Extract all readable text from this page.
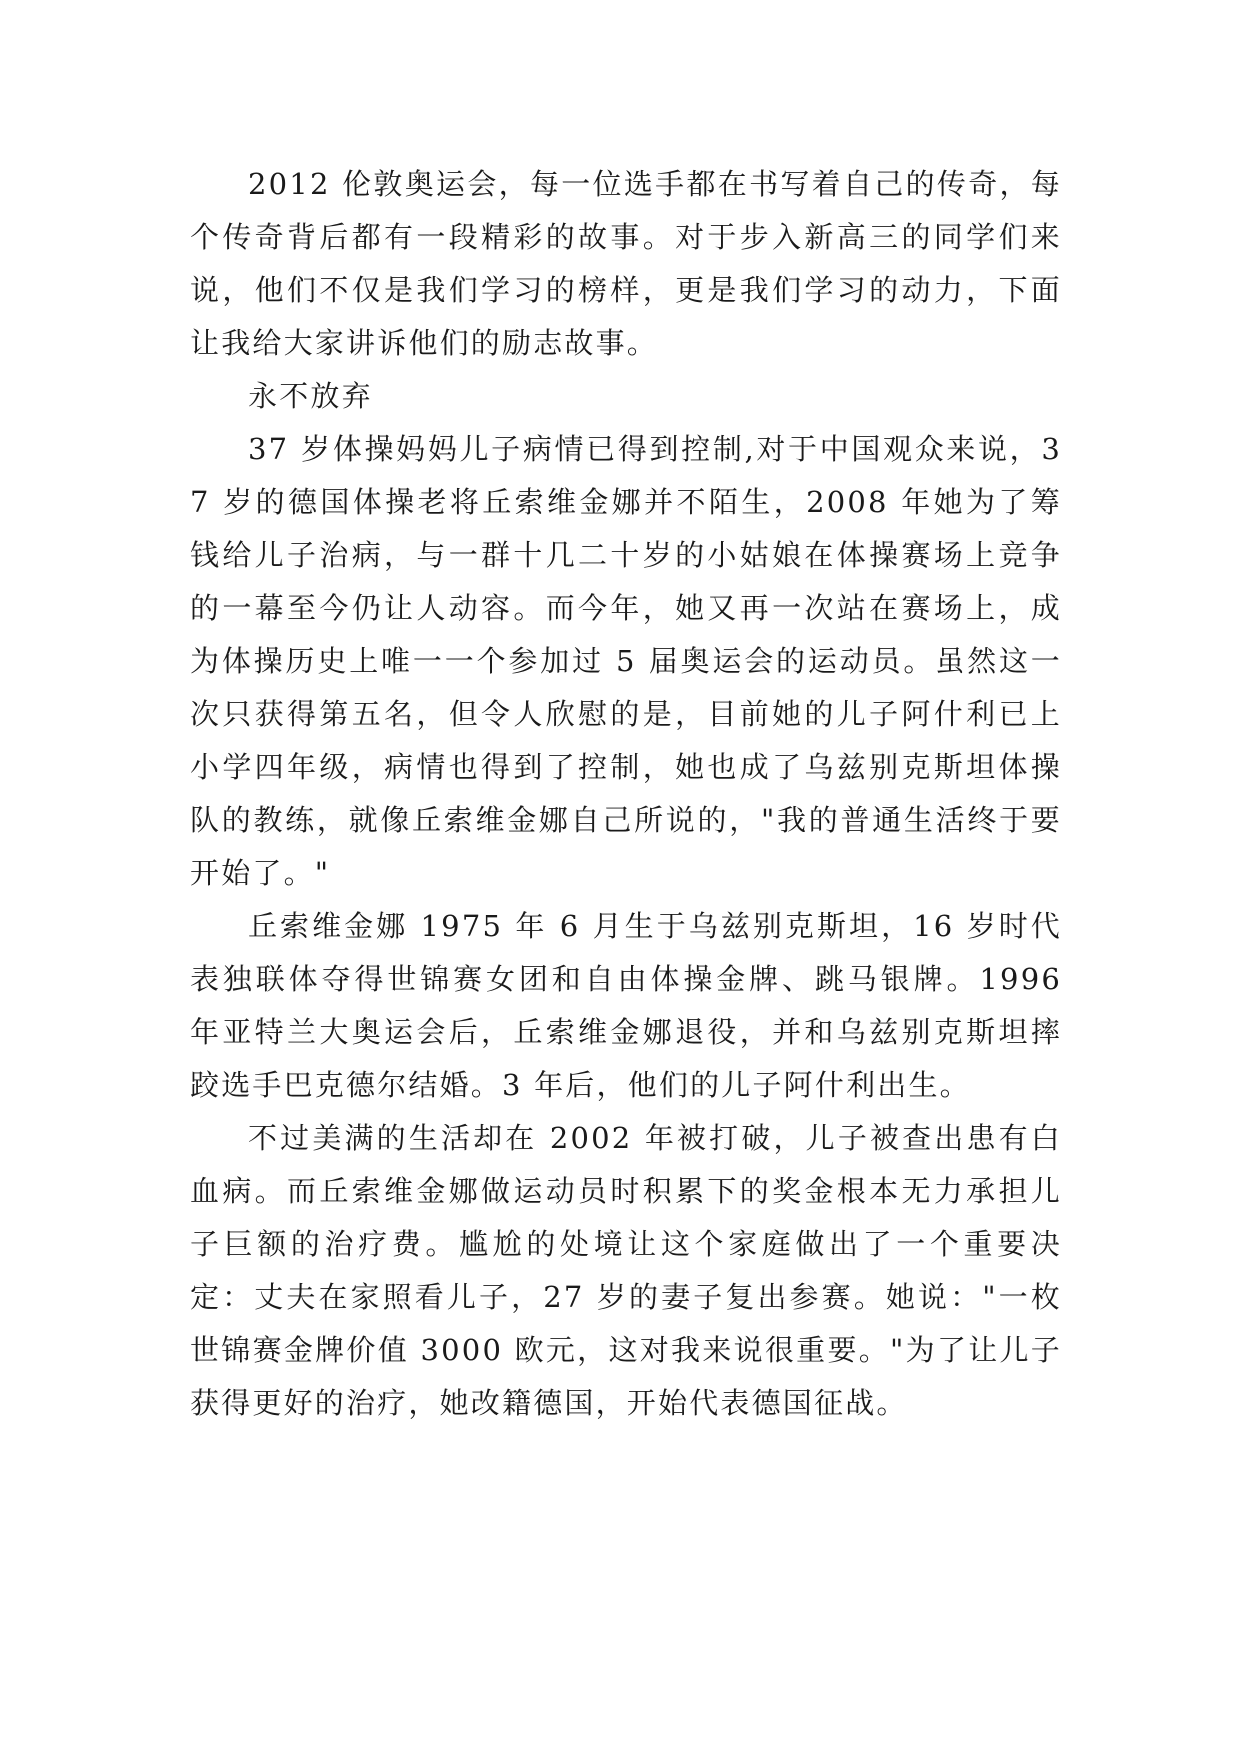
2012 伦敦奥运会，每一位选手都在书写着自己的传奇，每个传奇背后都有一段精彩的故事。对于步入新高三的同学们来说，他们不仅是我们学习的榜样，更是我们学习的动力，下面让我给大家讲诉他们的励志故事。

永不放弃

37 岁体操妈妈儿子病情已得到控制,对于中国观众来说，37 岁的德国体操老将丘索维金娜并不陌生，2008 年她为了筹钱给儿子治病，与一群十几二十岁的小姑娘在体操赛场上竞争的一幕至今仍让人动容。而今年，她又再一次站在赛场上，成为体操历史上唯一一个参加过 5 届奥运会的运动员。虽然这一次只获得第五名，但令人欣慰的是，目前她的儿子阿什利已上小学四年级，病情也得到了控制，她也成了乌兹别克斯坦体操队的教练，就像丘索维金娜自己所说的，"我的普通生活终于要开始了。"

丘索维金娜 1975 年 6 月生于乌兹别克斯坦，16 岁时代表独联体夺得世锦赛女团和自由体操金牌、跳马银牌。1996 年亚特兰大奥运会后，丘索维金娜退役，并和乌兹别克斯坦摔跤选手巴克德尔结婚。3 年后，他们的儿子阿什利出生。

不过美满的生活却在 2002 年被打破，儿子被查出患有白血病。而丘索维金娜做运动员时积累下的奖金根本无力承担儿子巨额的治疗费。尴尬的处境让这个家庭做出了一个重要决定：丈夫在家照看儿子，27 岁的妻子复出参赛。她说："一枚世锦赛金牌价值 3000 欧元，这对我来说很重要。"为了让儿子获得更好的治疗，她改籍德国，开始代表德国征战。
